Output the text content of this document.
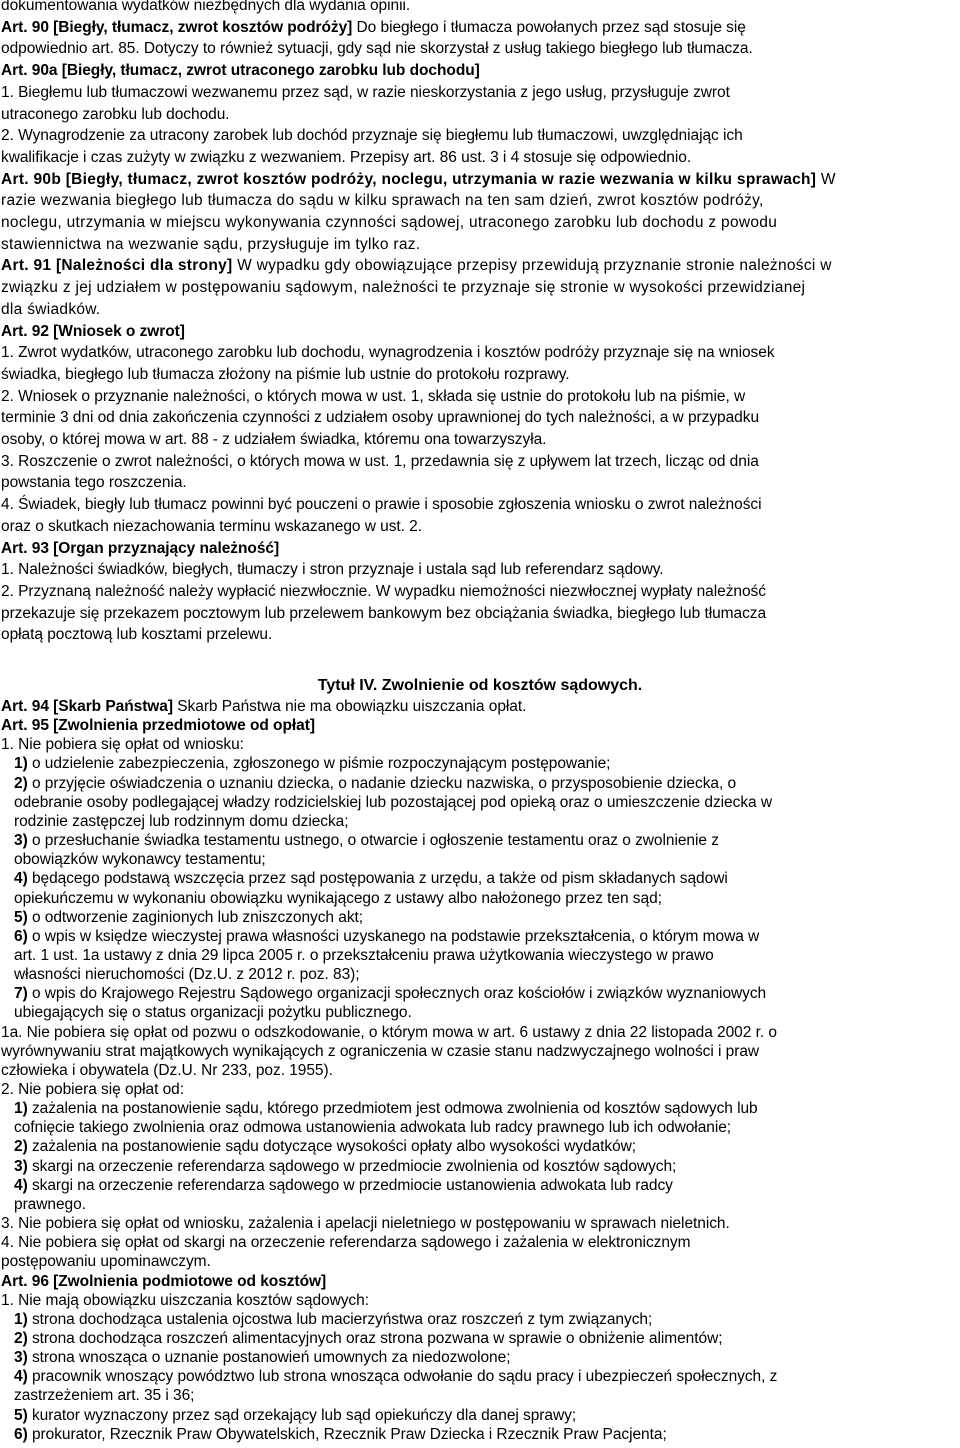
dokumentowania wydatków niezbędnych dla wydania opinii.
Art. 90 [Biegły, tłumacz, zwrot kosztów podróży] Do biegłego i tłumacza powołanych przez sąd stosuje się
odpowiednio art. 85. Dotyczy to również sytuacji, gdy sąd nie skorzystał z usług takiego biegłego lub tłumacza.
Art. 90a [Biegły, tłumacz, zwrot utraconego zarobku lub dochodu]
1. Biegłemu lub tłumaczowi wezwanemu przez sąd, w razie nieskorzystania z jego usług, przysługuje zwrot
utraconego zarobku lub dochodu.
2. Wynagrodzenie za utracony zarobek lub dochód przyznaje się biegłemu lub tłumaczowi, uwzględniając ich
kwalifikacje i czas zużyty w związku z wezwaniem. Przepisy art. 86 ust. 3 i 4 stosuje się odpowiednio.
Art. 90b [Biegły, tłumacz, zwrot kosztów podróży, noclegu, utrzymania w razie wezwania w kilku sprawach] W
razie wezwania biegłego lub tłumacza do sądu w kilku sprawach na ten sam dzień, zwrot kosztów podróży,
noclegu, utrzymania w miejscu wykonywania czynności sądowej, utraconego zarobku lub dochodu z powodu
stawiennictwa na wezwanie sądu, przysługuje im tylko raz.
Art. 91 [Należności dla strony] W wypadku gdy obowiązujące przepisy przewidują przyznanie stronie należności w
związku z jej udziałem w postępowaniu sądowym, należności te przyznaje się stronie w wysokości przewidzianej
dla świadków.
Art. 92 [Wniosek o zwrot]
1. Zwrot wydatków, utraconego zarobku lub dochodu, wynagrodzenia i kosztów podróży przyznaje się na wniosek
świadka, biegłego lub tłumacza złożony na piśmie lub ustnie do protokołu rozprawy.
2. Wniosek o przyznanie należności, o których mowa w ust. 1, składa się ustnie do protokołu lub na piśmie, w
terminie 3 dni od dnia zakończenia czynności z udziałem osoby uprawnionej do tych należności, a w przypadku
osoby, o której mowa w art. 88 - z udziałem świadka, któremu ona towarzyszyła.
3. Roszczenie o zwrot należności, o których mowa w ust. 1, przedawnia się z upływem lat trzech, licząc od dnia
powstania tego roszczenia.
4. Świadek, biegły lub tłumacz powinni być pouczeni o prawie i sposobie zgłoszenia wniosku o zwrot należności
oraz o skutkach niezachowania terminu wskazanego w ust. 2.
Art. 93 [Organ przyznający należność]
1. Należności świadków, biegłych, tłumaczy i stron przyznaje i ustala sąd lub referendarz sądowy.
2. Przyznaną należność należy wypłacić niezwłocznie. W wypadku niemożności niezwłocznej wypłaty należność
przekazuje się przekazem pocztowym lub przelewem bankowym bez obciążania świadka, biegłego lub tłumacza
opłatą pocztową lub kosztami przelewu.
Tytuł IV. Zwolnienie od kosztów sądowych.
Art. 94 [Skarb Państwa] Skarb Państwa nie ma obowiązku uiszczania opłat.
Art. 95 [Zwolnienia przedmiotowe od opłat]
1. Nie pobiera się opłat od wniosku:
1) o udzielenie zabezpieczenia, zgłoszonego w piśmie rozpoczynającym postępowanie;
2) o przyjęcie oświadczenia o uznaniu dziecka, o nadanie dziecku nazwiska, o przysposobienie dziecka, o
odebranie osoby podlegającej władzy rodzicielskiej lub pozostającej pod opieką oraz o umieszczenie dziecka w
rodzinie zastępczej lub rodzinnym domu dziecka;
3) o przesłuchanie świadka testamentu ustnego, o otwarcie i ogłoszenie testamentu oraz o zwolnienie z
obowiązków wykonawcy testamentu;
4) będącego podstawą wszczęcia przez sąd postępowania z urzędu, a także od pism składanych sądowi
opiekuńczemu w wykonaniu obowiązku wynikającego z ustawy albo nałożonego przez ten sąd;
5) o odtworzenie zaginionych lub zniszczonych akt;
6) o wpis w księdze wieczystej prawa własności uzyskanego na podstawie przekształcenia, o którym mowa w
art. 1 ust. 1a ustawy z dnia 29 lipca 2005 r. o przekształceniu prawa użytkowania wieczystego w prawo
własności nieruchomości (Dz.U. z 2012 r. poz. 83);
7) o wpis do Krajowego Rejestru Sądowego organizacji społecznych oraz kościołów i związków wyznaniowych
ubiegających się o status organizacji pożytku publicznego.
1a. Nie pobiera się opłat od pozwu o odszkodowanie, o którym mowa w art. 6 ustawy z dnia 22 listopada 2002 r. o
wyrównywaniu strat majątkowych wynikających z ograniczenia w czasie stanu nadzwyczajnego wolności i praw
człowieka i obywatela (Dz.U. Nr 233, poz. 1955).
2. Nie pobiera się opłat od:
1) zażalenia na postanowienie sądu, którego przedmiotem jest odmowa zwolnienia od kosztów sądowych lub
cofnięcie takiego zwolnienia oraz odmowa ustanowienia adwokata lub radcy prawnego lub ich odwołanie;
2) zażalenia na postanowienie sądu dotyczące wysokości opłaty albo wysokości wydatków;
3) skargi na orzeczenie referendarza sądowego w przedmiocie zwolnienia od kosztów sądowych;
4) skargi na orzeczenie referendarza sądowego w przedmiocie ustanowienia adwokata lub radcy
prawnego.
3. Nie pobiera się opłat od wniosku, zażalenia i apelacji nieletniego w postępowaniu w sprawach nieletnich.
4. Nie pobiera się opłat od skargi na orzeczenie referendarza sądowego i zażalenia w elektronicznym
postępowaniu upominawczym.
Art. 96 [Zwolnienia podmiotowe od kosztów]
1. Nie mają obowiązku uiszczania kosztów sądowych:
1) strona dochodząca ustalenia ojcostwa lub macierzyństwa oraz roszczeń z tym związanych;
2) strona dochodząca roszczeń alimentacyjnych oraz strona pozwana w sprawie o obniżenie alimentów;
3) strona wnosząca o uznanie postanowień umownych za niedozwolone;
4) pracownik wnoszący powództwo lub strona wnosząca odwołanie do sądu pracy i ubezpieczeń społecznych, z
zastrzeżeniem art. 35 i 36;
5) kurator wyznaczony przez sąd orzekający lub sąd opiekuńczy dla danej sprawy;
6) prokurator, Rzecznik Praw Obywatelskich, Rzecznik Praw Dziecka i Rzecznik Praw Pacjenta;
